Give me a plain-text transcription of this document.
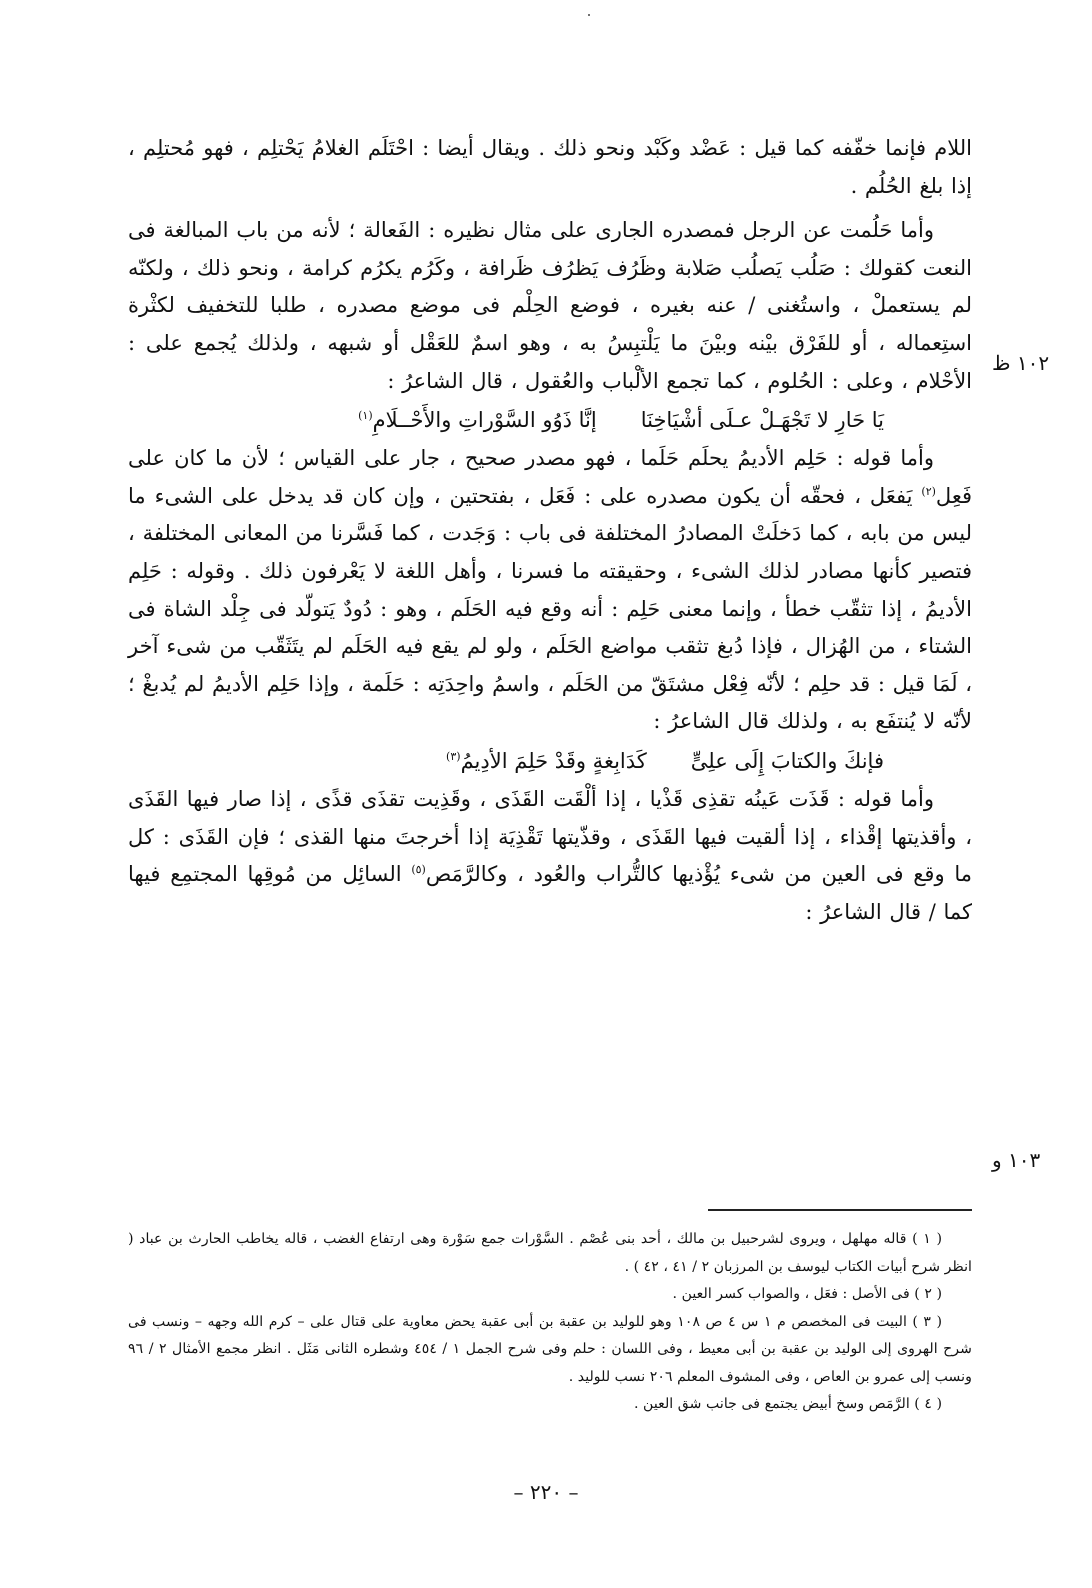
اللام فإنما خفّفه كما قيل : عَضْد وكَبْد ونحو ذلك . ويقال أيضا : احْتَلَم الغلامُ يَحْتلِم ، فهو مُحتلِم ، إذا بلغ الحُلُم .

وأما حَلُمت عن الرجل فمصدره الجارى على مثال نظيره : الفَعالة ؛ لأنه من باب المبالغة فى النعت كقولك : صَلُب يَصلُب صَلابة وظَرُف يَظرُف ظَرافة ، وكَرُم يكرُم كرامة ، ونحو ذلك ، ولكنّه لم يستعملْ ، واستُغنى / عنه بغيره ، فوضع الحِلْم فى موضع مصدره ، طلبا للتخفيف لكثْرة استِعماله ، أو للفَرْق بيْنه وبيْنَ ما يَلْتبِسُ به ، وهو اسمٌ للعَقْل أو شبهه ، ولذلك يُجمع على : الأحْلام ، وعلى : الحُلوم ، كما تجمع الألْباب والعُقول ، قال الشاعرُ :

يَا حَارِ لا تَجْهَـلْ عـلَى أشْيَاخِنَا
إنَّا ذَوُو السَّوْراتِ والأَحْــلَامِ$^{(١)}$

وأما قوله : حَلِم الأديمُ يحلَم حَلَما ، فهو مصدر صحيح ، جار على القياس ؛ لأن ما كان على فَعِل$^{(٢)}$ يَفعَل ، فحقّه أن يكون مصدره على : فَعَل ، بفتحتين ، وإن كان قد يدخل على الشىء ما ليس من بابه ، كما دَخلَتْ المصادرُ المختلفة فى باب : وَجَدت ، كما فَسَّرنا من المعانى المختلفة ، فتصير كأنها مصادر لذلك الشىء ، وحقيقته ما فسرنا ، وأهل اللغة لا يَعْرفون ذلك . وقوله : حَلِم الأديمُ ، إذا تثقّب خطأ ، وإنما معنى حَلِم : أنه وقع فيه الحَلَم ، وهو : دُودٌ يَتولّد فى جِلْد الشاة فى الشتاء ، من الهُزال ، فإذا دُبغ تثقب مواضع الحَلَم ، ولو لم يقع فيه الحَلَم لم يتَثَقّب من شىء آخر ، لَمَا قيل : قد حلِم ؛ لأنّه فِعْل مشتَقّ من الحَلَم ، واسمُ واحِدَتِه : حَلَمة ، وإذا حَلِم الأديمُ لم يُدبغْ ؛ لأنّه لا يُنتفَع به ، ولذلك قال الشاعرُ :

فإنكَ والكتابَ إِلَى علِىٍّ
كَدَابِغةٍ وقَدْ حَلِمَ الأدِيمُ$^{(٣)}$

وأما قوله : قَذَت عَينُه تقذِى قَذْيا ، إذا ألْقَت القَذَى ، وقَذِيت تقذَى قذًى ، إذا صار فيها القَذَى ، وأقذيتها إقْذاء ، إذا ألقيت فيها القَذَى ، وقذّيتها تَقْذِيَة إذا أخرجتَ منها القذى ؛ فإن القَذَى : كل ما وقع فى العين من شىء يُؤْذيها كالتُّراب والعُود ، وكالرَّمَص$^{(٥)}$ السائِل من مُوقِها المجتمِع فيها كما / قال الشاعرُ :

١٠٢ ظ
١٠٣ و

( ١ ) قاله مهلهل ، ويروى لشرحبيل بن مالك ، أحد بنى عُصْم . السَّوْرات جمع سَوْرة وهى ارتفاع الغضب ، قاله يخاطب الحارث بن عباد ( انظر شرح أبيات الكتاب ليوسف بن المرزبان ٢ / ٤١ ، ٤٢ ) .

( ٢ ) فى الأصل : فعَل ، والصواب كسر العين .

( ٣ ) البيت فى المخصص م ١ س ٤ ص ١٠٨ وهو للوليد بن عقبة بن أبى عقبة يحض معاوية على قتال على – كرم الله وجهه – ونسب فى شرح الهروى إلى الوليد بن عقبة بن أبى معيط ، وفى اللسان : حلم وفى شرح الجمل ١ / ٤٥٤ وشطره الثانى مَثَل . انظر مجمع الأمثال ٢ / ٩٦ ونسب إلى عمرو بن العاص ، وفى المشوف المعلم ٢٠٦ نسب للوليد .

( ٤ ) الرَّمَص وسخ أبيض يجتمع فى جانب شق العين .

– ٢٢٠ –
